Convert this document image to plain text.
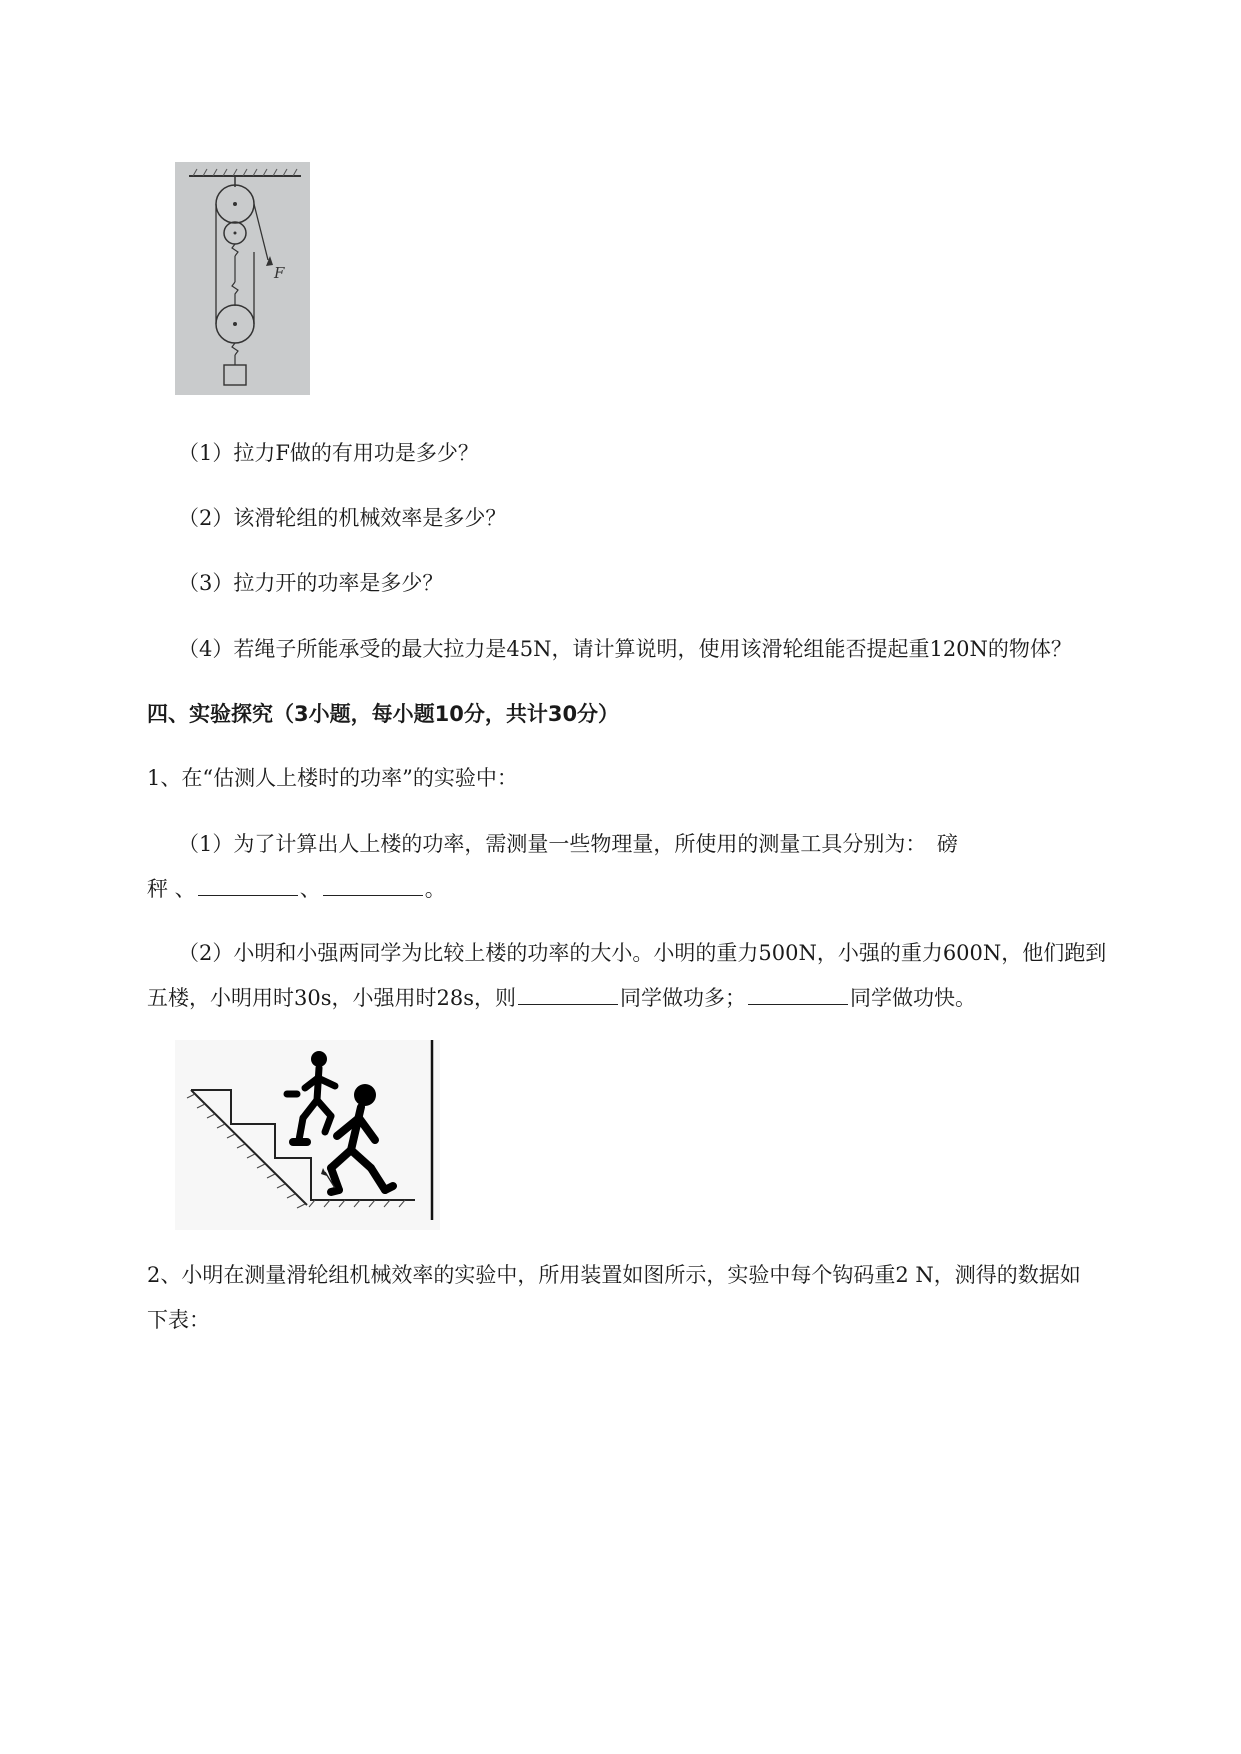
F
（1）拉力F做的有用功是多少？
（2）该滑轮组的机械效率是多少？
（3）拉力开的功率是多少？
（4）若绳子所能承受的最大拉力是45N，请计算说明，使用该滑轮组能否提起重120N的物体？
四、实验探究（3小题，每小题10分，共计30分）
1、在“估测人上楼时的功率”的实验中：
（1）为了计算出人上楼的功率，需测量一些物理量，所使用的测量工具分别为：　磅
秤 、	、	。
（2）小明和小强两同学为比较上楼的功率的大小。小明的重力500N，小强的重力600N，他们跑到
五楼，小明用时30s，小强用时28s，则	同学做功多；	同学做功快。
2、小明在测量滑轮组机械效率的实验中，所用装置如图所示，实验中每个钩码重2 N，测得的数据如
下表：
